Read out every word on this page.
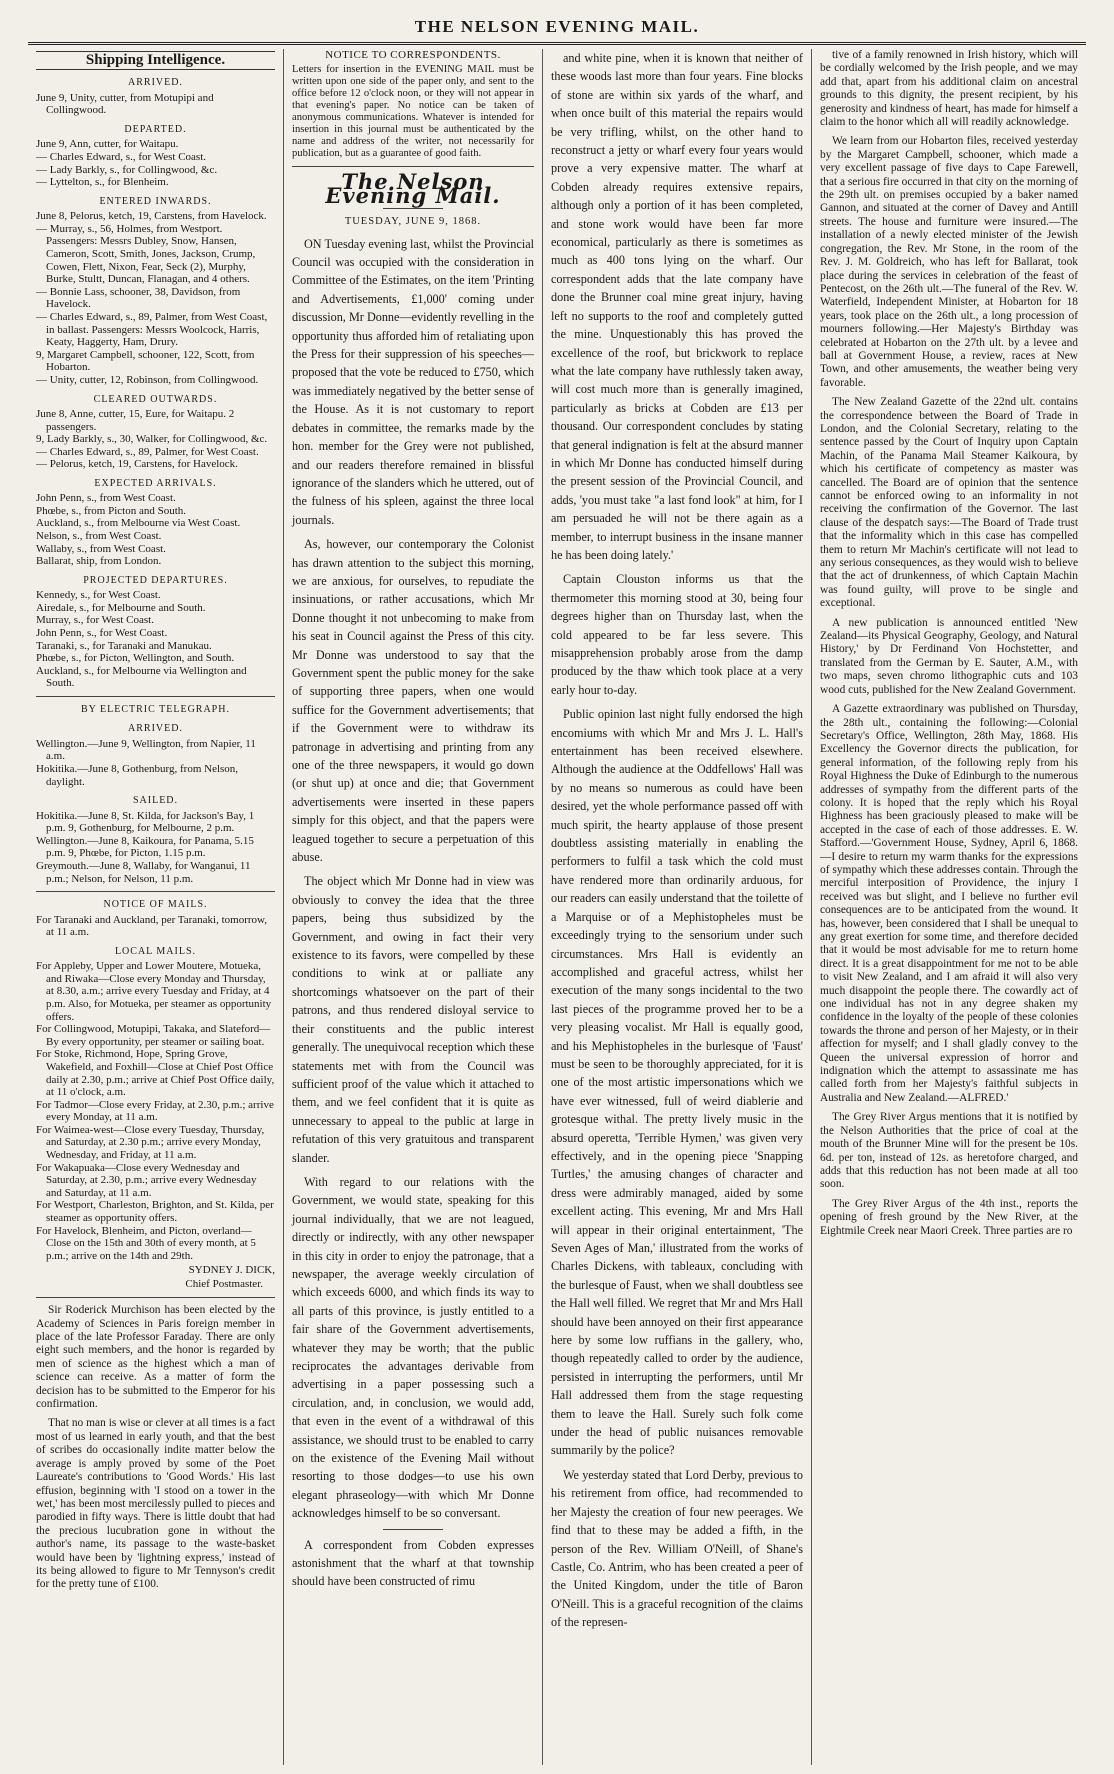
THE NELSON EVENING MAIL.
Shipping Intelligence.
ARRIVED.

June 9, Unity, cutter, from Motupipi and Collingwood.

DEPARTED.

June 9, Ann, cutter, for Waitapu.

— Charles Edward, s., for West Coast.

— Lady Barkly, s., for Collingwood, &c.

— Lyttelton, s., for Blenheim.

ENTERED INWARDS.

June 8, Pelorus, ketch, 19, Carstens, from Havelock.

— Murray, s., 56, Holmes, from Westport. Passengers: Messrs Dubley, Snow, Hansen, Cameron, Scott, Smith, Jones, Jackson, Crump, Cowen, Flett, Nixon, Fear, Seck (2), Murphy, Burke, Stultt, Duncan, Flanagan, and 4 others.

— Bonnie Lass, schooner, 38, Davidson, from Havelock.

— Charles Edward, s., 89, Palmer, from West Coast, in ballast. Passengers: Messrs Woolcock, Harris, Keaty, Haggerty, Ham, Drury.

9, Margaret Campbell, schooner, 122, Scott, from Hobarton.

— Unity, cutter, 12, Robinson, from Collingwood.

CLEARED OUTWARDS.

June 8, Anne, cutter, 15, Eure, for Waitapu. 2 passengers.

9, Lady Barkly, s., 30, Walker, for Collingwood, &c.

— Charles Edward, s., 89, Palmer, for West Coast.

— Pelorus, ketch, 19, Carstens, for Havelock.

EXPECTED ARRIVALS.

John Penn, s., from West Coast.

Phœbe, s., from Picton and South.

Auckland, s., from Melbourne via West Coast.

Nelson, s., from West Coast.

Wallaby, s., from West Coast.

Ballarat, ship, from London.

PROJECTED DEPARTURES.

Kennedy, s., for West Coast.

Airedale, s., for Melbourne and South.

Murray, s., for West Coast.

John Penn, s., for West Coast.

Taranaki, s., for Taranaki and Manukau.

Phœbe, s., for Picton, Wellington, and South.

Auckland, s., for Melbourne via Wellington and South.

BY ELECTRIC TELEGRAPH.
ARRIVED.

Wellington.—June 9, Wellington, from Napier, 11 a.m.

Hokitika.—June 8, Gothenburg, from Nelson, daylight.

SAILED.

Hokitika.—June 8, St. Kilda, for Jackson's Bay, 1 p.m. 9, Gothenburg, for Melbourne, 2 p.m.

Wellington.—June 8, Kaikoura, for Panama, 5.15 p.m. 9, Phœbe, for Picton, 1.15 p.m.

Greymouth.—June 8, Wallaby, for Wanganui, 11 p.m.; Nelson, for Nelson, 11 p.m.

NOTICE OF MAILS.

For Taranaki and Auckland, per Taranaki, tomorrow, at 11 a.m.

LOCAL MAILS.

For Appleby, Upper and Lower Moutere, Motueka, and Riwaka—Close every Monday and Thursday, at 8.30, a.m.; arrive every Tuesday and Friday, at 4 p.m. Also, for Motueka, per steamer as opportunity offers.

For Collingwood, Motupipi, Takaka, and Slateford—By every opportunity, per steamer or sailing boat.

For Stoke, Richmond, Hope, Spring Grove, Wakefield, and Foxhill—Close at Chief Post Office daily at 2.30, p.m.; arrive at Chief Post Office daily, at 11 o'clock, a.m.

For Tadmor—Close every Friday, at 2.30, p.m.; arrive every Monday, at 11 a.m.

For Waimea-west—Close every Tuesday, Thursday, and Saturday, at 2.30 p.m.; arrive every Monday, Wednesday, and Friday, at 11 a.m.

For Wakapuaka—Close every Wednesday and Saturday, at 2.30, p.m.; arrive every Wednesday and Saturday, at 11 a.m.

For Westport, Charleston, Brighton, and St. Kilda, per steamer as opportunity offers.

For Havelock, Blenheim, and Picton, overland—Close on the 15th and 30th of every month, at 5 p.m.; arrive on the 14th and 29th.

SYDNEY J. DICK,

Chief Postmaster.

Sir Roderick Murchison has been elected by the Academy of Sciences in Paris foreign member in place of the late Professor Faraday. There are only eight such members, and the honor is regarded by men of science as the highest which a man of science can receive. As a matter of form the decision has to be submitted to the Emperor for his confirmation.

That no man is wise or clever at all times is a fact most of us learned in early youth, and that the best of scribes do occasionally indite matter below the average is amply proved by some of the Poet Laureate's contributions to 'Good Words.' His last effusion, beginning with 'I stood on a tower in the wet,' has been most mercilessly pulled to pieces and parodied in fifty ways. There is little doubt that had the precious lucubration gone in without the author's name, its passage to the waste-basket would have been by 'lightning express,' instead of its being allowed to figure to Mr Tennyson's credit for the pretty tune of £100.

NOTICE TO CORRESPONDENTS.

Letters for insertion in the EVENING MAIL must be written upon one side of the paper only, and sent to the office before 12 o'clock noon, or they will not appear in that evening's paper. No notice can be taken of anonymous communications. Whatever is intended for insertion in this journal must be authenticated by the name and address of the writer, not necessarily for publication, but as a guarantee of good faith.

The Nelson Evening Mail.
TUESDAY, JUNE 9, 1868.

ON Tuesday evening last, whilst the Provincial Council was occupied with the consideration in Committee of the Estimates, on the item 'Printing and Advertisements, £1,000' coming under discussion, Mr Donne—evidently revelling in the opportunity thus afforded him of retaliating upon the Press for their suppression of his speeches—proposed that the vote be reduced to £750, which was immediately negatived by the better sense of the House. As it is not customary to report debates in committee, the remarks made by the hon. member for the Grey were not published, and our readers therefore remained in blissful ignorance of the slanders which he uttered, out of the fulness of his spleen, against the three local journals.

As, however, our contemporary the Colonist has drawn attention to the subject this morning, we are anxious, for ourselves, to repudiate the insinuations, or rather accusations, which Mr Donne thought it not unbecoming to make from his seat in Council against the Press of this city. Mr Donne was understood to say that the Government spent the public money for the sake of supporting three papers, when one would suffice for the Government advertisements; that if the Government were to withdraw its patronage in advertising and printing from any one of the three newspapers, it would go down (or shut up) at once and die; that Government advertisements were inserted in these papers simply for this object, and that the papers were leagued together to secure a perpetuation of this abuse.

The object which Mr Donne had in view was obviously to convey the idea that the three papers, being thus subsidized by the Government, and owing in fact their very existence to its favors, were compelled by these conditions to wink at or palliate any shortcomings whatsoever on the part of their patrons, and thus rendered disloyal service to their constituents and the public interest generally. The unequivocal reception which these statements met with from the Council was sufficient proof of the value which it attached to them, and we feel confident that it is quite as unnecessary to appeal to the public at large in refutation of this very gratuitous and transparent slander.

With regard to our relations with the Government, we would state, speaking for this journal individually, that we are not leagued, directly or indirectly, with any other newspaper in this city in order to enjoy the patronage, that a newspaper, the average weekly circulation of which exceeds 6000, and which finds its way to all parts of this province, is justly entitled to a fair share of the Government advertisements, whatever they may be worth; that the public reciprocates the advantages derivable from advertising in a paper possessing such a circulation, and, in conclusion, we would add, that even in the event of a withdrawal of this assistance, we should trust to be enabled to carry on the existence of the Evening Mail without resorting to those dodges—to use his own elegant phraseology—with which Mr Donne acknowledges himself to be so conversant.

A correspondent from Cobden expresses astonishment that the wharf at that township should have been constructed of rimu

and white pine, when it is known that neither of these woods last more than four years. Fine blocks of stone are within six yards of the wharf, and when once built of this material the repairs would be very trifling, whilst, on the other hand to reconstruct a jetty or wharf every four years would prove a very expensive matter. The wharf at Cobden already requires extensive repairs, although only a portion of it has been completed, and stone work would have been far more economical, particularly as there is sometimes as much as 400 tons lying on the wharf. Our correspondent adds that the late company have done the Brunner coal mine great injury, having left no supports to the roof and completely gutted the mine. Unquestionably this has proved the excellence of the roof, but brickwork to replace what the late company have ruthlessly taken away, will cost much more than is generally imagined, particularly as bricks at Cobden are £13 per thousand. Our correspondent concludes by stating that general indignation is felt at the absurd manner in which Mr Donne has conducted himself during the present session of the Provincial Council, and adds, 'you must take "a last fond look" at him, for I am persuaded he will not be there again as a member, to interrupt business in the insane manner he has been doing lately.'

Captain Clouston informs us that the thermometer this morning stood at 30, being four degrees higher than on Thursday last, when the cold appeared to be far less severe. This misapprehension probably arose from the damp produced by the thaw which took place at a very early hour to-day.

Public opinion last night fully endorsed the high encomiums with which Mr and Mrs J. L. Hall's entertainment has been received elsewhere. Although the audience at the Oddfellows' Hall was by no means so numerous as could have been desired, yet the whole performance passed off with much spirit, the hearty applause of those present doubtless assisting materially in enabling the performers to fulfil a task which the cold must have rendered more than ordinarily arduous, for our readers can easily understand that the toilette of a Marquise or of a Mephistopheles must be exceedingly trying to the sensorium under such circumstances. Mrs Hall is evidently an accomplished and graceful actress, whilst her execution of the many songs incidental to the two last pieces of the programme proved her to be a very pleasing vocalist. Mr Hall is equally good, and his Mephistopheles in the burlesque of 'Faust' must be seen to be thoroughly appreciated, for it is one of the most artistic impersonations which we have ever witnessed, full of weird diablerie and grotesque withal. The pretty lively music in the absurd operetta, 'Terrible Hymen,' was given very effectively, and in the opening piece 'Snapping Turtles,' the amusing changes of character and dress were admirably managed, aided by some excellent acting. This evening, Mr and Mrs Hall will appear in their original entertainment, 'The Seven Ages of Man,' illustrated from the works of Charles Dickens, with tableaux, concluding with the burlesque of Faust, when we shall doubtless see the Hall well filled. We regret that Mr and Mrs Hall should have been annoyed on their first appearance here by some low ruffians in the gallery, who, though repeatedly called to order by the audience, persisted in interrupting the performers, until Mr Hall addressed them from the stage requesting them to leave the Hall. Surely such folk come under the head of public nuisances removable summarily by the police?

We yesterday stated that Lord Derby, previous to his retirement from office, had recommended to her Majesty the creation of four new peerages. We find that to these may be added a fifth, in the person of the Rev. William O'Neill, of Shane's Castle, Co. Antrim, who has been created a peer of the United Kingdom, under the title of Baron O'Neill. This is a graceful recognition of the claims of the represen-

tive of a family renowned in Irish history, which will be cordially welcomed by the Irish people, and we may add that, apart from his additional claim on ancestral grounds to this dignity, the present recipient, by his generosity and kindness of heart, has made for himself a claim to the honor which all will readily acknowledge.

We learn from our Hobarton files, received yesterday by the Margaret Campbell, schooner, which made a very excellent passage of five days to Cape Farewell, that a serious fire occurred in that city on the morning of the 29th ult. on premises occupied by a baker named Gannon, and situated at the corner of Davey and Antill streets. The house and furniture were insured.—The installation of a newly elected minister of the Jewish congregation, the Rev. Mr Stone, in the room of the Rev. J. M. Goldreich, who has left for Ballarat, took place during the services in celebration of the feast of Pentecost, on the 26th ult.—The funeral of the Rev. W. Waterfield, Independent Minister, at Hobarton for 18 years, took place on the 26th ult., a long procession of mourners following.—Her Majesty's Birthday was celebrated at Hobarton on the 27th ult. by a levee and ball at Government House, a review, races at New Town, and other amusements, the weather being very favorable.

The New Zealand Gazette of the 22nd ult. contains the correspondence between the Board of Trade in London, and the Colonial Secretary, relating to the sentence passed by the Court of Inquiry upon Captain Machin, of the Panama Mail Steamer Kaikoura, by which his certificate of competency as master was cancelled. The Board are of opinion that the sentence cannot be enforced owing to an informality in not receiving the confirmation of the Governor. The last clause of the despatch says:—The Board of Trade trust that the informality which in this case has compelled them to return Mr Machin's certificate will not lead to any serious consequences, as they would wish to believe that the act of drunkenness, of which Captain Machin was found guilty, will prove to be single and exceptional.

A new publication is announced entitled 'New Zealand—its Physical Geography, Geology, and Natural History,' by Dr Ferdinand Von Hochstetter, and translated from the German by E. Sauter, A.M., with two maps, seven chromo lithographic cuts and 103 wood cuts, published for the New Zealand Government.

A Gazette extraordinary was published on Thursday, the 28th ult., containing the following:—Colonial Secretary's Office, Wellington, 28th May, 1868. His Excellency the Governor directs the publication, for general information, of the following reply from his Royal Highness the Duke of Edinburgh to the numerous addresses of sympathy from the different parts of the colony. It is hoped that the reply which his Royal Highness has been graciously pleased to make will be accepted in the case of each of those addresses. E. W. Stafford.—'Government House, Sydney, April 6, 1868.—I desire to return my warm thanks for the expressions of sympathy which these addresses contain. Through the merciful interposition of Providence, the injury I received was but slight, and I believe no further evil consequences are to be anticipated from the wound. It has, however, been considered that I shall be unequal to any great exertion for some time, and therefore decided that it would be most advisable for me to return home direct. It is a great disappointment for me not to be able to visit New Zealand, and I am afraid it will also very much disappoint the people there. The cowardly act of one individual has not in any degree shaken my confidence in the loyalty of the people of these colonies towards the throne and person of her Majesty, or in their affection for myself; and I shall gladly convey to the Queen the universal expression of horror and indignation which the attempt to assassinate me has called forth from her Majesty's faithful subjects in Australia and New Zealand.—ALFRED.'

The Grey River Argus mentions that it is notified by the Nelson Authorities that the price of coal at the mouth of the Brunner Mine will for the present be 10s. 6d. per ton, instead of 12s. as heretofore charged, and adds that this reduction has not been made at all too soon.

The Grey River Argus of the 4th inst., reports the opening of fresh ground by the New River, at the Eightmile Creek near Maori Creek. Three parties are ro
